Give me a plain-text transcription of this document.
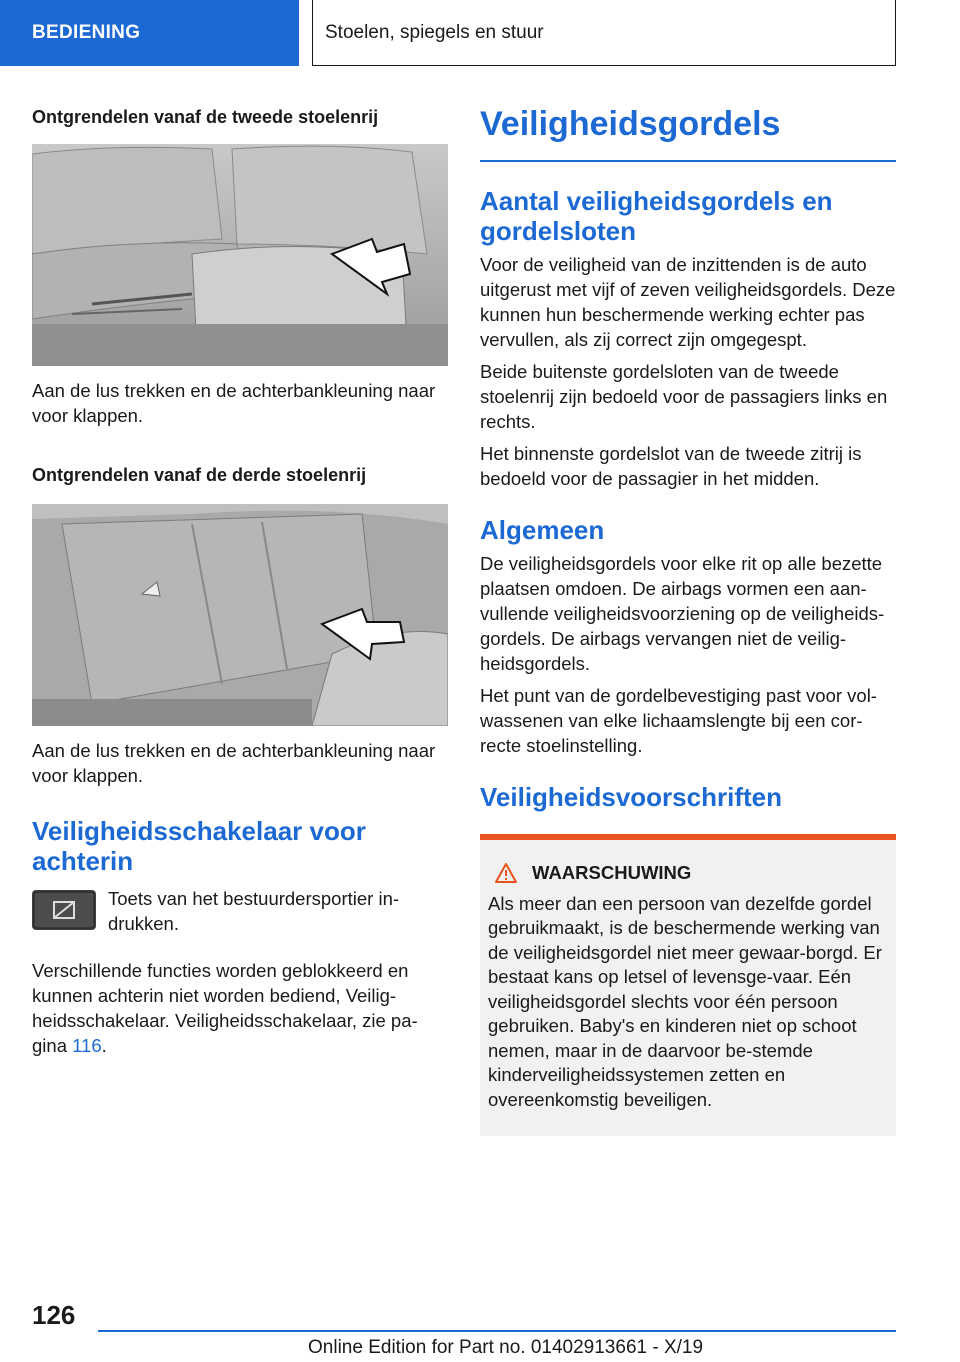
BEDIENING	Stoelen, spiegels en stuur
Ontgrendelen vanaf de tweede stoelenrij

Aan de lus trekken en de achterbankleuning naar voor klappen.

Ontgrendelen vanaf de derde stoelenrij

Aan de lus trekken en de achterbankleuning naar voor klappen.

Veiligheidsschakelaar voor achterin

Toets van het bestuurdersportier in-drukken.

Verschillende functies worden geblokkeerd en kunnen achterin niet worden bediend, Veilig-heidsschakelaar. Veiligheidsschakelaar, zie pa-gina 116.

Veiligheidsgordels
Aantal veiligheidsgordels en gordelsloten

Voor de veiligheid van de inzittenden is de auto uitgerust met vijf of zeven veiligheidsgordels. Deze kunnen hun beschermende werking echter pas vervullen, als zij correct zijn omgegespt.

Beide buitenste gordelsloten van de tweede stoelenrij zijn bedoeld voor de passagiers links en rechts.

Het binnenste gordelslot van de tweede zitrij is bedoeld voor de passagier in het midden.

Algemeen

De veiligheidsgordels voor elke rit op alle bezette plaatsen omdoen. De airbags vormen een aan-vullende veiligheidsvoorziening op de veiligheids-gordels. De airbags vervangen niet de veilig-heidsgordels.

Het punt van de gordelbevestiging past voor vol-wassenen van elke lichaamslengte bij een cor-recte stoelinstelling.

Veiligheidsvoorschriften
WAARSCHUWING

Als meer dan een persoon van dezelfde gordel gebruikmaakt, is de beschermende werking van de veiligheidsgordel niet meer gewaar-borgd. Er bestaat kans op letsel of levensge-vaar. Eén veiligheidsgordel slechts voor één persoon gebruiken. Baby's en kinderen niet op schoot nemen, maar in de daarvoor be-stemde kinderveiligheidssystemen zetten en overeenkomstig beveiligen.

126
Online Edition for Part no. 01402913661 - X/19
